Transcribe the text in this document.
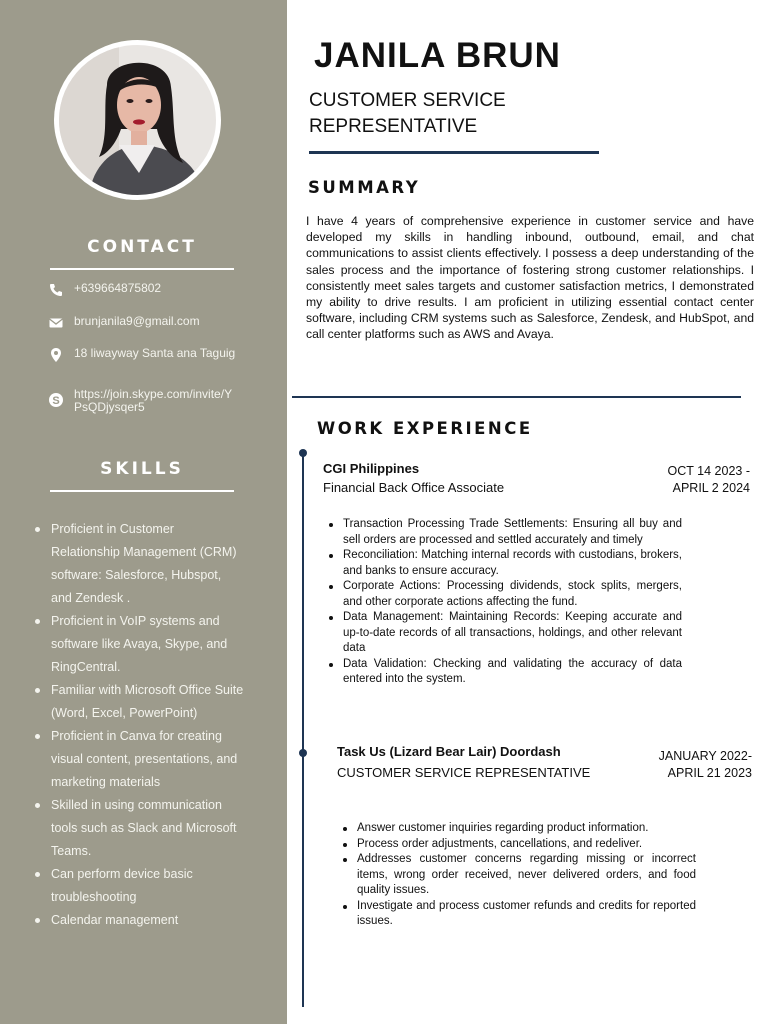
CONTACT
+639664875802
brunjanila9@gmail.com
18 liwayway Santa ana Taguig
S https://join.skype.com/invite/YPsQDjysqer5
SKILLS
Proficient in Customer Relationship Management (CRM) software: Salesforce, Hubspot, and Zendesk .
Proficient in VoIP systems and software like Avaya, Skype, and RingCentral.
Familiar with Microsoft Office Suite (Word, Excel, PowerPoint)
Proficient in Canva for creating visual content, presentations, and marketing materials
Skilled in using communication tools such as Slack and Microsoft Teams.
Can perform device basic troubleshooting
Calendar management
JANILA BRUN
CUSTOMER SERVICE REPRESENTATIVE
SUMMARY

I have 4 years of comprehensive experience in customer service and have developed my skills in handling inbound, outbound, email, and chat communications to assist clients effectively. I possess a deep understanding of the sales process and the importance of fostering strong customer relationships. I consistently meet sales targets and customer satisfaction metrics, I demonstrated my ability to drive results. I am proficient in utilizing essential contact center software, including CRM systems such as Salesforce, Zendesk, and HubSpot, and call center platforms such as AWS and Avaya.

WORK EXPERIENCE
CGI Philippines
Financial Back Office Associate
OCT 14 2023 -
APRIL 2 2024
Transaction Processing Trade Settlements: Ensuring all buy and sell orders are processed and settled accurately and timely
Reconciliation: Matching internal records with custodians, brokers, and banks to ensure accuracy.
Corporate Actions: Processing dividends, stock splits, mergers, and other corporate actions affecting the fund.
Data Management: Maintaining Records: Keeping accurate and up-to-date records of all transactions, holdings, and other relevant data
Data Validation: Checking and validating the accuracy of data entered into the system.
Task Us (Lizard Bear Lair) Doordash
CUSTOMER SERVICE REPRESENTATIVE
JANUARY 2022-
APRIL 21 2023
Answer customer inquiries regarding product information.
Process order adjustments, cancellations, and redeliver.
Addresses customer concerns regarding missing or incorrect items, wrong order received, never delivered orders, and food quality issues.
Investigate and process customer refunds and credits for reported issues.
